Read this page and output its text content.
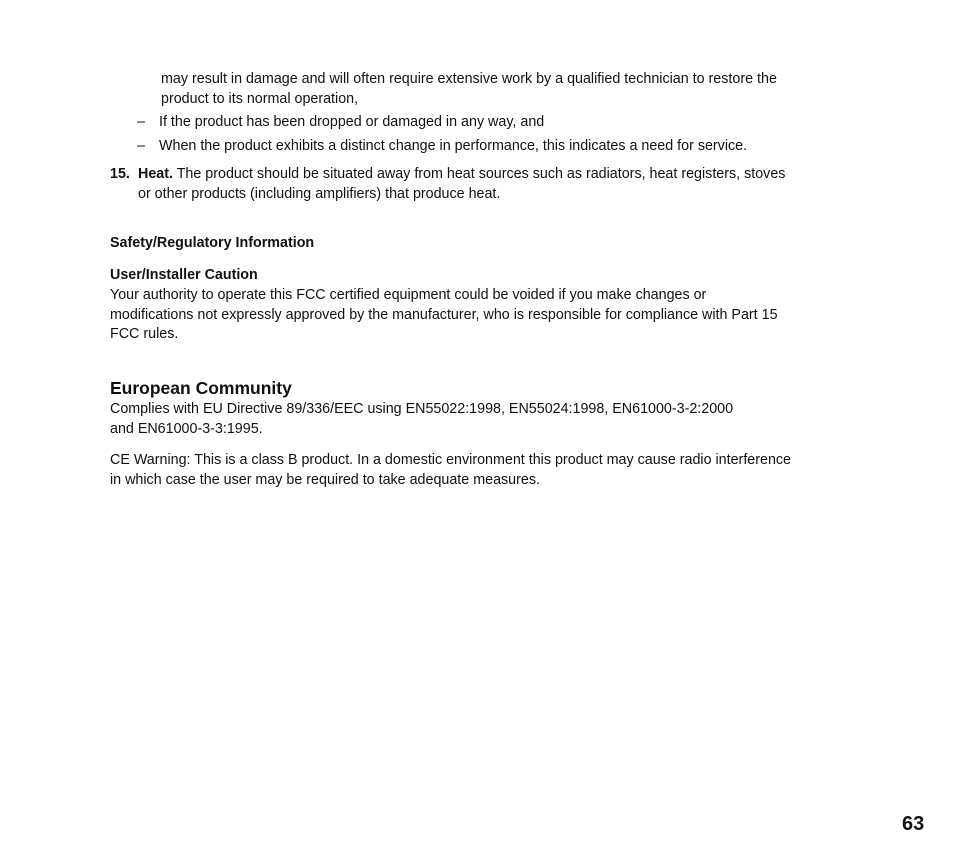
may result in damage and will often require extensive work by a qualified technician to restore the
product to its normal operation,

– If the product has been dropped or damaged in any way, and
– When the product exhibits a distinct change in performance, this indicates a need for service.
15. Heat. The product should be situated away from heat sources such as radiators, heat registers, stoves
or other products (including amplifiers) that produce heat.
Safety/Regulatory Information
User/Installer Caution

Your authority to operate this FCC certified equipment could be voided if you make changes or
modifications not expressly approved by the manufacturer, who is responsible for compliance with Part 15
FCC rules.

European Community

Complies with EU Directive 89/336/EEC using EN55022:1998, EN55024:1998, EN61000-3-2:2000
and EN61000-3-3:1995.

CE Warning: This is a class B product. In a domestic environment this product may cause radio interference
in which case the user may be required to take adequate measures.

63
